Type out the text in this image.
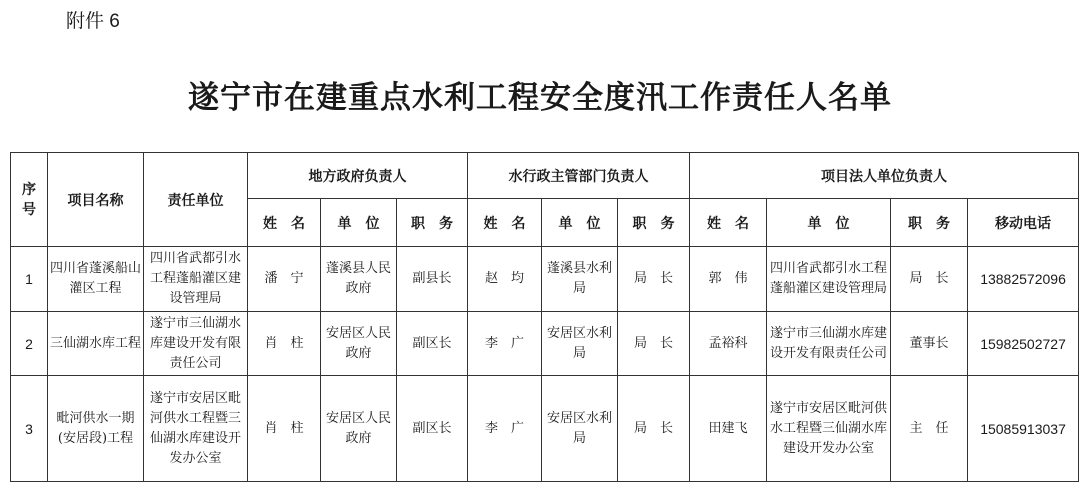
附件 6
遂宁市在建重点水利工程安全度汛工作责任人名单
序
号	项目名称	责任单位	地方政府负责人			水行政主管部门负责人			项目法人单位负责人			
			姓　名	单　位	职　务	姓　名	单　位	职　务	姓　名	单　位	职　务	移动电话
1	四川省蓬溪船山灌区工程	四川省武都引水工程蓬船灌区建设管理局	潘　宁	蓬溪县人民政府	副县长	赵　均	蓬溪县水利局	局　长	郭　伟	四川省武都引水工程蓬船灌区建设管理局	局　长	13882572096
2	三仙湖水库工程	遂宁市三仙湖水库建设开发有限责任公司	肖　柱	安居区人民政府	副区长	李　广	安居区水利局	局　长	孟裕科	遂宁市三仙湖水库建设开发有限责任公司	董事长	15982502727
3	毗河供水一期(安居段)工程	遂宁市安居区毗河供水工程暨三仙湖水库建设开发办公室	肖　柱	安居区人民政府	副区长	李　广	安居区水利局	局　长	田建飞	遂宁市安居区毗河供水工程暨三仙湖水库建设开发办公室	主　任	15085913037
